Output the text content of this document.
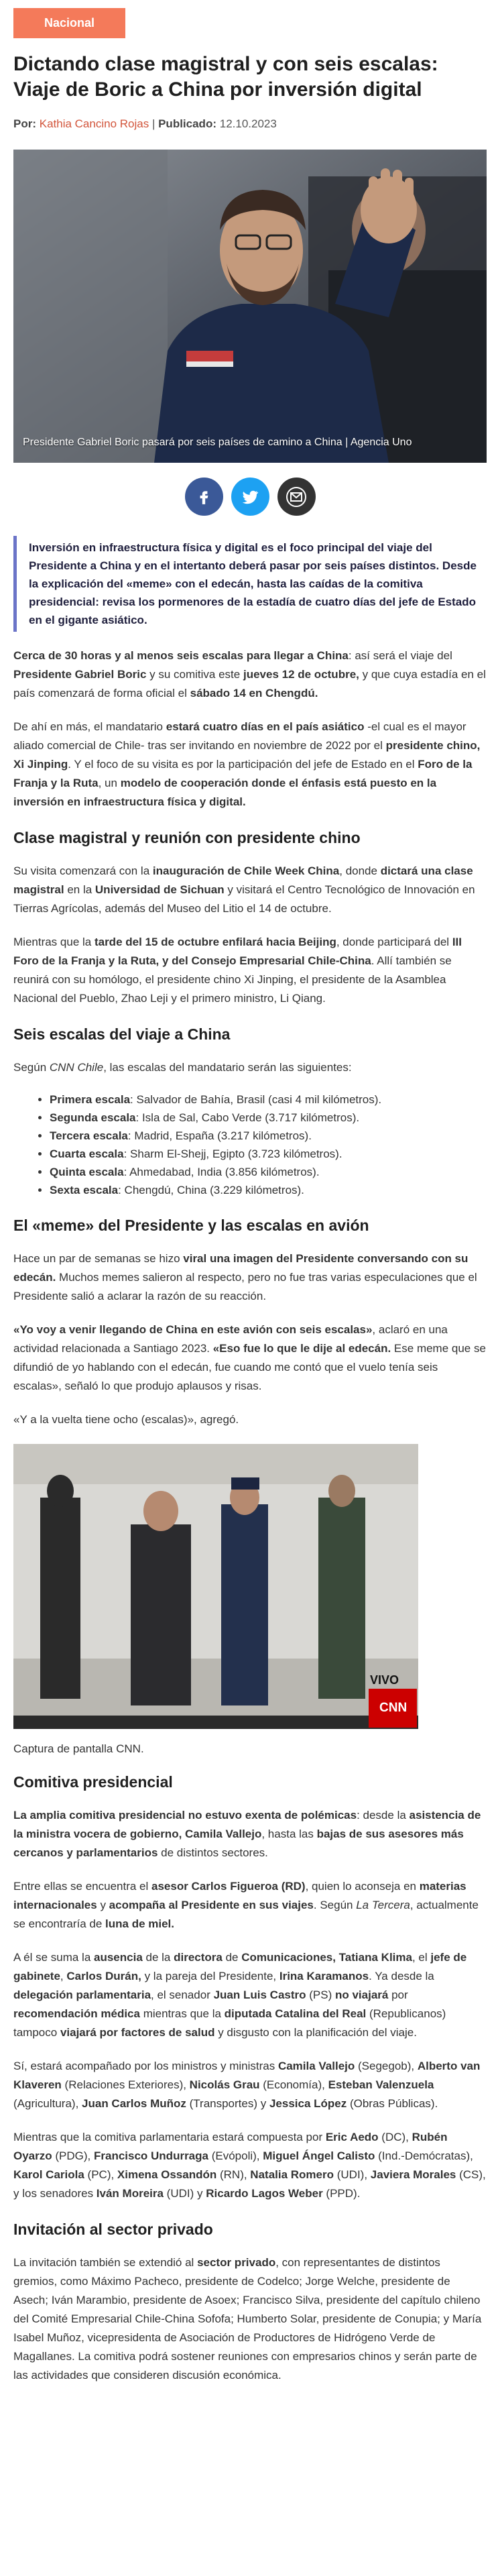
Nacional
Dictando clase magistral y con seis escalas: Viaje de Boric a China por inversión digital
Por: Kathia Cancino Rojas | Publicado: 12.10.2023
Presidente Gabriel Boric pasará por seis países de camino a China | Agencia Uno
Inversión en infraestructura física y digital es el foco principal del viaje del Presidente a China y en el intertanto deberá pasar por seis países distintos. Desde la explicación del «meme» con el edecán, hasta las caídas de la comitiva presidencial: revisa los pormenores de la estadía de cuatro días del jefe de Estado en el gigante asiático.

Cerca de 30 horas y al menos seis escalas para llegar a China: así será el viaje del Presidente Gabriel Boric y su comitiva este jueves 12 de octubre, y que cuya estadía en el país comenzará de forma oficial el sábado 14 en Chengdú.

De ahí en más, el mandatario estará cuatro días en el país asiático -el cual es el mayor aliado comercial de Chile- tras ser invitando en noviembre de 2022 por el presidente chino, Xi Jinping. Y el foco de su visita es por la participación del jefe de Estado en el Foro de la Franja y la Ruta, un modelo de cooperación donde el énfasis está puesto en la inversión en infraestructura física y digital.

Clase magistral y reunión con presidente chino

Su visita comenzará con la inauguración de Chile Week China, donde dictará una clase magistral en la Universidad de Sichuan y visitará el Centro Tecnológico de Innovación en Tierras Agrícolas, además del Museo del Litio el 14 de octubre.

Mientras que la tarde del 15 de octubre enfilará hacia Beijing, donde participará del III Foro de la Franja y la Ruta, y del Consejo Empresarial Chile-China. Allí también se reunirá con su homólogo, el presidente chino Xi Jinping, el presidente de la Asamblea Nacional del Pueblo, Zhao Leji y el primero ministro, Li Qiang.

Seis escalas del viaje a China

Según CNN Chile, las escalas del mandatario serán las siguientes:

• Primera escala: Salvador de Bahía, Brasil (casi 4 mil kilómetros).
• Segunda escala: Isla de Sal, Cabo Verde (3.717 kilómetros).
• Tercera escala: Madrid, España (3.217 kilómetros).
• Cuarta escala: Sharm El-Shejj, Egipto (3.723 kilómetros).
• Quinta escala: Ahmedabad, India (3.856 kilómetros).
• Sexta escala: Chengdú, China (3.229 kilómetros).
El «meme» del Presidente y las escalas en avión

Hace un par de semanas se hizo viral una imagen del Presidente conversando con su edecán. Muchos memes salieron al respecto, pero no fue tras varias especulaciones que el Presidente salió a aclarar la razón de su reacción.

«Yo voy a venir llegando de China en este avión con seis escalas», aclaró en una actividad relacionada a Santiago 2023. «Eso fue lo que le dije al edecán. Ese meme que se difundió de yo hablando con el edecán, fue cuando me contó que el vuelo tenía seis escalas», señaló lo que produjo aplausos y risas.

«Y a la vuelta tiene ocho (escalas)», agregó.

CNN
VIVO
Captura de pantalla CNN.
Comitiva presidencial

La amplia comitiva presidencial no estuvo exenta de polémicas: desde la asistencia de la ministra vocera de gobierno, Camila Vallejo, hasta las bajas de sus asesores más cercanos y parlamentarios de distintos sectores.

Entre ellas se encuentra el asesor Carlos Figueroa (RD), quien lo aconseja en materias internacionales y acompaña al Presidente en sus viajes. Según La Tercera, actualmente se encontraría de luna de miel.

A él se suma la ausencia de la directora de Comunicaciones, Tatiana Klima, el jefe de gabinete, Carlos Durán, y la pareja del Presidente, Irina Karamanos. Ya desde la delegación parlamentaria, el senador Juan Luis Castro (PS) no viajará por recomendación médica mientras que la diputada Catalina del Real (Republicanos) tampoco viajará por factores de salud y disgusto con la planificación del viaje.

Sí, estará acompañado por los ministros y ministras Camila Vallejo (Segegob), Alberto van Klaveren (Relaciones Exteriores), Nicolás Grau (Economía), Esteban Valenzuela (Agricultura), Juan Carlos Muñoz (Transportes) y Jessica López (Obras Públicas).

Mientras que la comitiva parlamentaria estará compuesta por Eric Aedo (DC), Rubén Oyarzo (PDG), Francisco Undurraga (Evópoli), Miguel Ángel Calisto (Ind.-Demócratas), Karol Cariola (PC), Ximena Ossandón (RN), Natalia Romero (UDI), Javiera Morales (CS), y los senadores Iván Moreira (UDI) y Ricardo Lagos Weber (PPD).

Invitación al sector privado

La invitación también se extendió al sector privado, con representantes de distintos gremios, como Máximo Pacheco, presidente de Codelco; Jorge Welche, presidente de Asech; Iván Marambio, presidente de Asoex; Francisco Silva, presidente del capítulo chileno del Comité Empresarial Chile-China Sofofa; Humberto Solar, presidente de Conupia; y María Isabel Muñoz, vicepresidenta de Asociación de Productores de Hidrógeno Verde de Magallanes. La comitiva podrá sostener reuniones con empresarios chinos y serán parte de las actividades que consideren discusión económica.
